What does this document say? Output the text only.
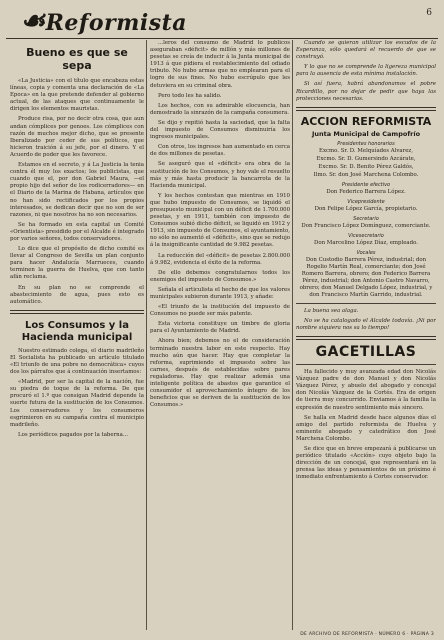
☙Reformista	6
Bueno es que se sepa

«La Justicia» con el título que encabeza estas líneas, copia y comenta una declaración de «La Epoca» en la que pretende defender al gobierno actual, de las ataques que continuamente le dirigen los elementos mauristas.

Produce risa, por no decir otra cosa, que aun andan cómplices por genoes. Los cómplices con razón de muchos mejor dicho, que se presente Iberalizado por ceder de sus políticos, que hicieron traición á su jefe, por el dinero. Y el Acuerdo de poder que les favorece.

Estamos en el secreto, y á La Justicia la tenia contra él muy los exactos; los publicistas, que cuando que el, por don Gabriel Maura, —el propio hijo del señor de los rodicerradores— en el Diario de la Marina de Habana, artículos que no han sido rectificados por los propios interesados, se dedican decir que no son de ser razones, ni que nosotros ha no son necesarios.

Se ha formado en esta capital un Comité «Orientista» presidido por el Alcalde é integrado por varios señores, todos conservadores.

Lo dice que el propósito de dicho comité es llevar al Congreso de Sevilla un plan conjunto para hacer Andalucía Marrueces, cuando terminen la guerra de Huelva, que con tanto afán reclama.

En su plan no se comprende el abastecimiento de agua, pues esto es automático.

Los Consumos y la Hacienda municipal

Nuestro estimado colega, el diario madrileño El Socialista ha publicado un artículo titulado «El triunfo de una pobre no democrática» cuyos dos los párrafos que á continuación insertamos:

«Madrid, por ser la capital de la nación, fue su piedra de toque de la reforma. De que procuró el 1.º que consigan Madrid depende la suerte futura de la sustitución de los Consumos. Los conservadores y los consumeros esgrimieron en su campaña contra el municipio madrileño.

Los periódicos pagados por la taberna...

...leros del consumo de Madrid lo publicos aseguraban «déficit» de millón y más millones de pesetas se creía de inducir á la Junta municipal de 1913 á que pidiera el restablecimiento del odiado tributo. No hubo armas que no emplearan para el logro de sus fines. No hubo escrúpulo que les detuviera en su criminal obra.

Pero todo les ha salido.

Los hechos, con su admirable elocuencia, han demostrado la sinrazón de la campaña consumera.

Se dijo y repitió hasta la saciedad, que la falta del impuesto de Consumos disminuiría los ingresos municipales.

Con otros, los ingresos han aumentado en cerca de dos millones de pesetas.

Se aseguró que el «déficit» era obra de la sustitución de los Consumos, y hoy vale el resuelto más y más hasta producir la bancarrota de la Hacienda municipal.

Y los hechos contestan que mientras en 1910 que hubo impuesto de Consumos, se liquidó el presupuesto municipal con un déficit de 1.700.000 pesetas, y en 1911, también con impuesto de Consumos subió dicho déficit, se liquidó en 1912 y 1913, sin impuesto de Consumos, el ayuntamiento, no sólo no aumentó el «déficit», sino que se redujo á la insignificante cantidad de 9.982 pesetas.

La reducción del «déficit» de pesetas 2.800.000 á 9.982, evidencia el éxito de la reforma.

De ello debemos congratularnos todos los enemigos del impuesto de Consumos.»

Señala el articulista el hecho de que los valores municipales subieron durante 1913, y añade:

«El triunfo de la institución del impuesto de Consumos no puede ser más patente.

Esta victoria constituye un timbre de gloria para el Ayuntamiento de Madrid.

Ahora bien; debemos no el de consideración terminado nuestra labor en este respecto. Hay mucho aún que hacer. Hay que completar la reforma, suprimiendo el impuesto sobre las carnes, después de establecidas sobre pares regaladoras. Hay que realizar además una inteligente política de abastos que garantice el consumidor el aprovechamiento íntegro de los beneficios que se deriven de la sustitución de los Consumos.»

Cuando se quieran utilizar los escudos de la Esperanza, sólo quedará el recuerdo de que se construyó.

Y lo que no se comprende la ligereza municipal para la ausencia de esta mínima instalación.

Si así fuera, habrá abandonamos el pobre Ricardillo, por no dejar de pedir que haya las protecciones necesarias.

ACCION REFORMISTA
Junta Municipal de Campofrío
Presidentes honorarios
Excmo. Sr. D. Melquíades Alvarez,
Excmo. Sr. D. Gumersindo Azcárate,
Excmo. Sr. D. Benito Pérez Galdós,
Ilmo. Sr. don José Marchena Colombo.
Presidente efectivo
Don Federico Barrera López.
Vicepresidente
Don Felipe López García, propietario.
Secretario
Don Francisco López Domínguez, comerciante.
Vicesecretario
Don Marcelino López Díaz, empleado.
Vocales
Don Custodio Barrera Pérez, industrial; don Rogelio Martín Real, comerciante; don José Romero Barrera, obrero; don Federico Barrera Pérez, industrial; don Antonio Castro Navarro, obrero; don Manuel Delgado López, industrial, y don Francisco Martín Garrido, industrial.

La buena sea alaga.

No se ha catalogado el Alcalde todavía. ¡Ni por nombre siquiera nos sa lo tiempo!

GACETILLAS

Ha fallecido y muy avanzada edad don Nicolás Vázquez padre de don Manuel y don Nicolás Vázquez Pérez, y abuelo del abogado y concejal don Nicolás Vázquez de la Cortés. Era de origen de tierra muy concurrido. Enviamos á la familia la expresión de nuestro sentimiento más sincero.

Se halla en Madrid desde hace algunos días el amigo del partido reformista de Huelva y eminente abogado y catedrático don José Marchena Colombo.

Se dice que en breve empezará á publicarse un periódico titulado «Acción» cuyo objeto bajo la dirección de un concejal, que representará en la prensa las ideas y pensamientos de un próximo é inmediato enfrentamiento á Cortes conservador.

DE ARCHIVO DE REFORMISTA · NÚMERO 6 · PÁGINA 3
